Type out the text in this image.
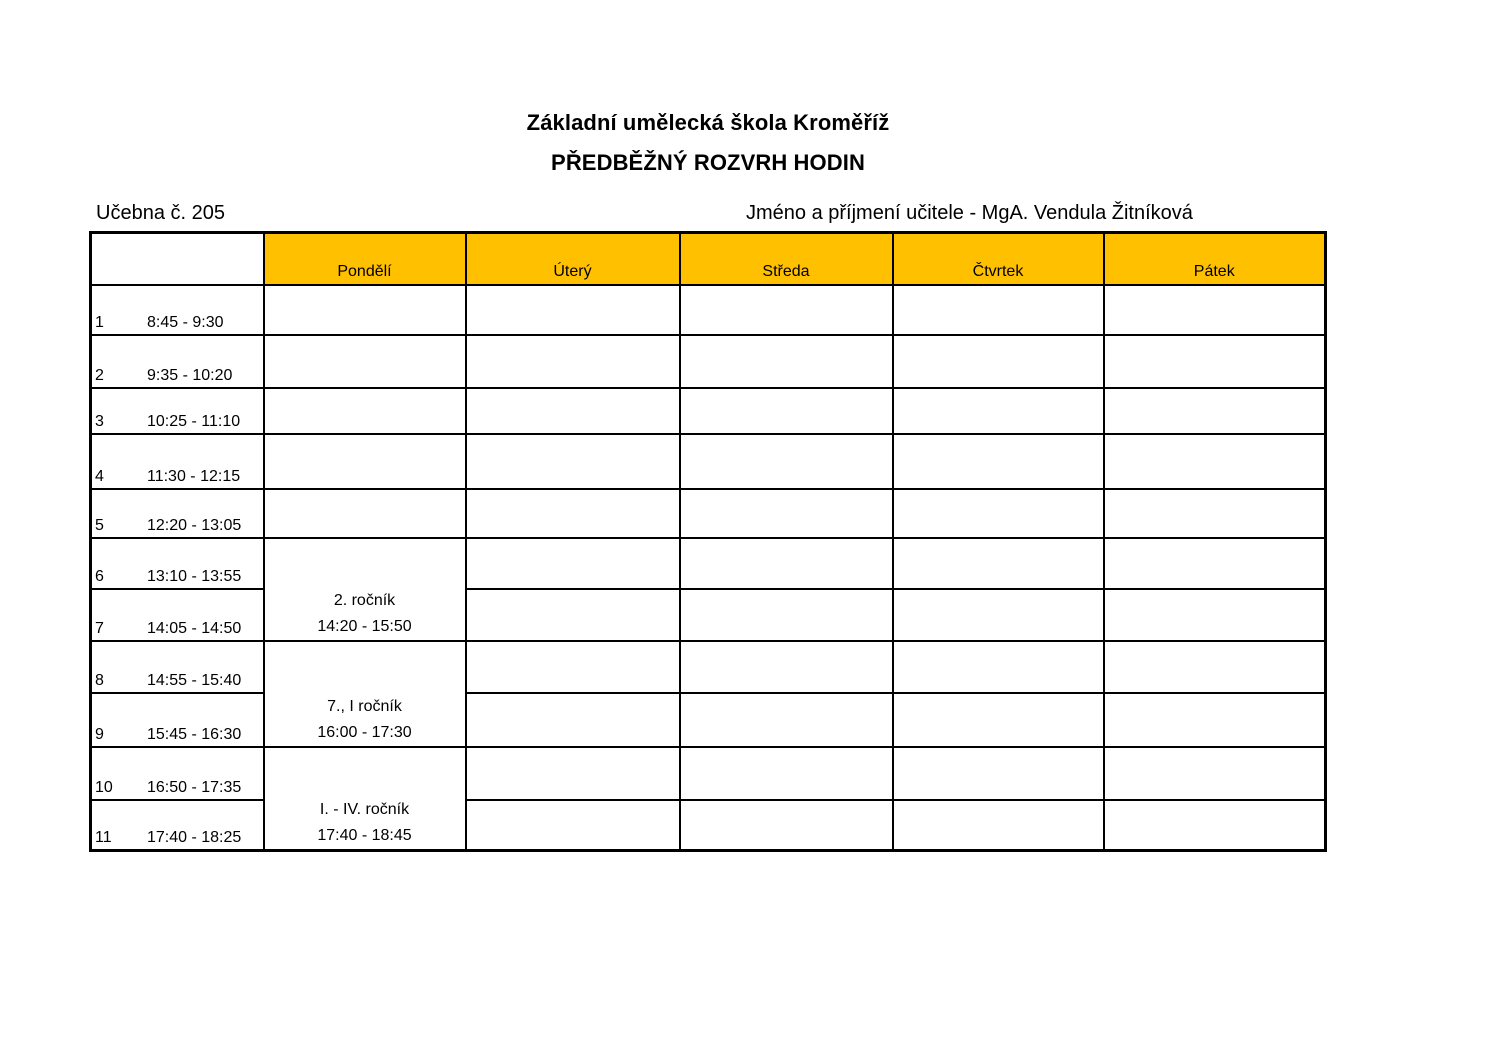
Základní umělecká škola Kroměříž
PŘEDBĚŽNÝ ROZVRH HODIN
Učebna č. 205	Jméno a příjmení učitele - MgA. Vendula Žitníková
	Pondělí	Úterý	Středa	Čtvrtek	Pátek

1 8:45 - 9:30					

2 9:35 - 10:20					

3 10:25 - 11:10					

4 11:30 - 12:15					

5 12:20 - 13:05					

6 13:10 - 13:55	2. ročník
14:20 - 15:50				

7 14:05 - 14:50					

8 14:55 - 15:40	7., I ročník
16:00 - 17:30				

9 15:45 - 16:30					

10 16:50 - 17:35	I. - IV. ročník
17:40 - 18:45				

11 17:40 - 18:25					
